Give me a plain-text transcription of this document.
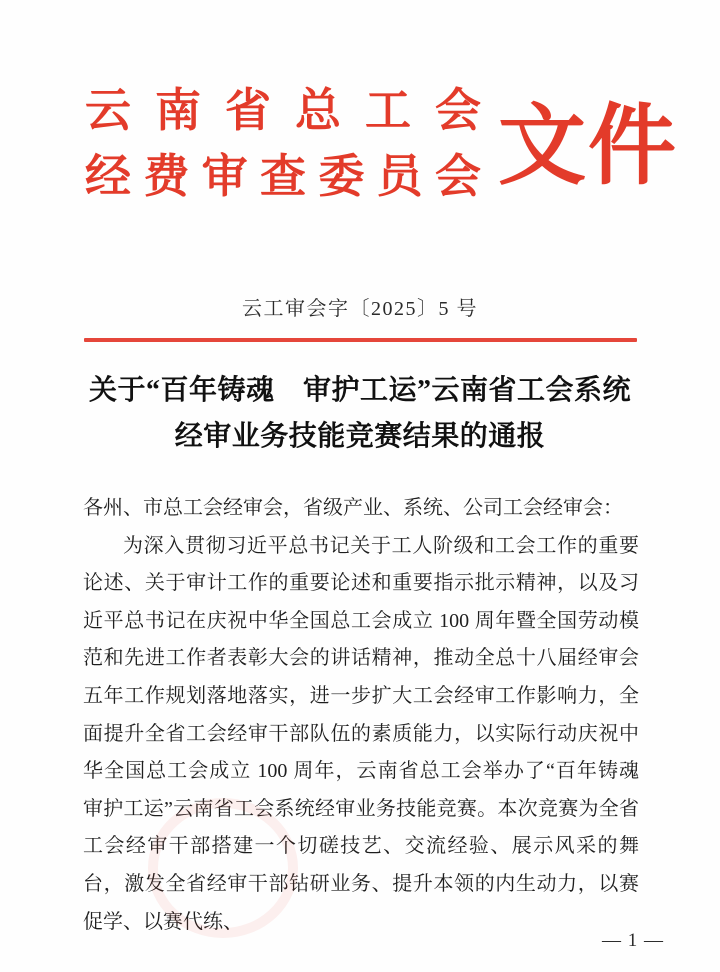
云南省总工会
经费审查委员会 文件
云工审会字〔2025〕5 号
关于“百年铸魂　审护工运”云南省工会系统
经审业务技能竞赛结果的通报

各州、市总工会经审会，省级产业、系统、公司工会经审会：

为深入贯彻习近平总书记关于工人阶级和工会工作的重要论述、关于审计工作的重要论述和重要指示批示精神，以及习近平总书记在庆祝中华全国总工会成立 100 周年暨全国劳动模范和先进工作者表彰大会的讲话精神，推动全总十八届经审会五年工作规划落地落实，进一步扩大工会经审工作影响力，全面提升全省工会经审干部队伍的素质能力，以实际行动庆祝中华全国总工会成立 100 周年，云南省总工会举办了“百年铸魂　审护工运”云南省工会系统经审业务技能竞赛。本次竞赛为全省工会经审干部搭建一个切磋技艺、交流经验、展示风采的舞台，激发全省经审干部钻研业务、提升本领的内生动力，以赛促学、以赛代练、

— 1 —
